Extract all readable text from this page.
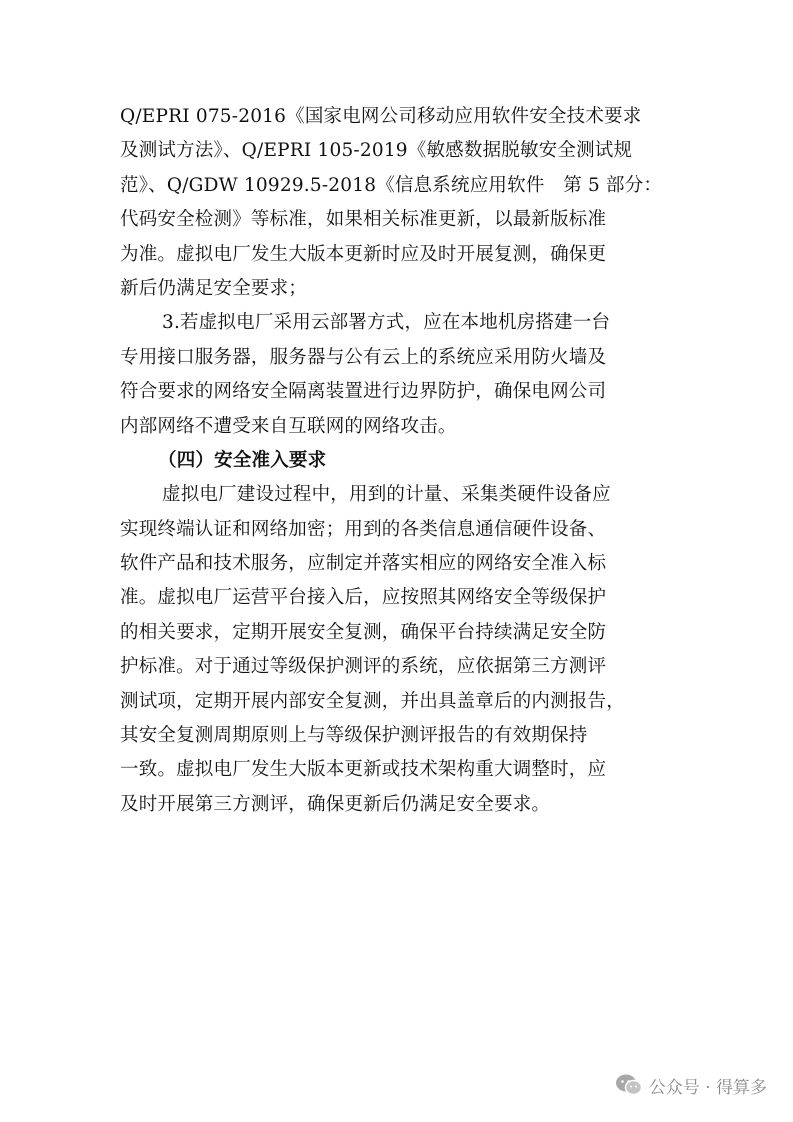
Q/EPRI 075-2016《国家电网公司移动应用软件安全技术要求
及测试方法》、Q/EPRI 105-2019《敏感数据脱敏安全测试规
范》、Q/GDW 10929.5-2018《信息系统应用软件　第 5 部分：
代码安全检测》等标准，如果相关标准更新，以最新版标准
为准。虚拟电厂发生大版本更新时应及时开展复测，确保更
新后仍满足安全要求；
3.若虚拟电厂采用云部署方式，应在本地机房搭建一台
专用接口服务器，服务器与公有云上的系统应采用防火墙及
符合要求的网络安全隔离装置进行边界防护，确保电网公司
内部网络不遭受来自互联网的网络攻击。
（四）安全准入要求
虚拟电厂建设过程中，用到的计量、采集类硬件设备应
实现终端认证和网络加密；用到的各类信息通信硬件设备、
软件产品和技术服务，应制定并落实相应的网络安全准入标
准。虚拟电厂运营平台接入后，应按照其网络安全等级保护
的相关要求，定期开展安全复测，确保平台持续满足安全防
护标准。对于通过等级保护测评的系统，应依据第三方测评
测试项，定期开展内部安全复测，并出具盖章后的内测报告，
其安全复测周期原则上与等级保护测评报告的有效期保持
一致。虚拟电厂发生大版本更新或技术架构重大调整时，应
及时开展第三方测评，确保更新后仍满足安全要求。
公众号 · 得算多
